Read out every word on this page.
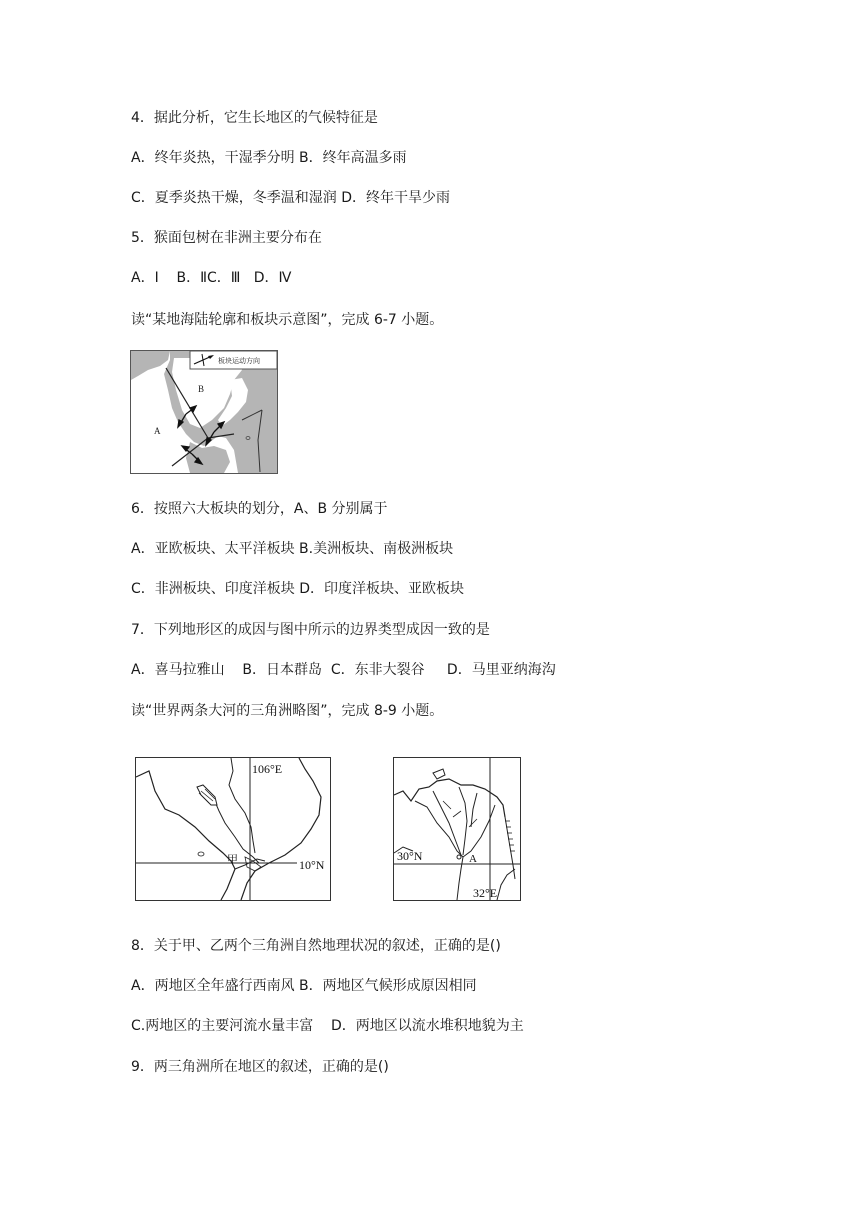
4．据此分析，它生长地区的气候特征是
A．终年炎热，干湿季分明 B．终年高温多雨
C．夏季炎热干燥，冬季温和湿润 D．终年干旱少雨
5．猴面包树在非洲主要分布在
A．Ⅰ    B．ⅡC．Ⅲ   D．Ⅳ
读“某地海陆轮廓和板块示意图”，完成 6-7 小题。
板块运动方向
B
A
6．按照六大板块的划分，A、B 分别属于
A．亚欧板块、太平洋板块 B.美洲板块、南极洲板块
C．非洲板块、印度洋板块 D．印度洋板块、亚欧板块
7．下列地形区的成因与图中所示的边界类型成因一致的是
A．喜马拉雅山    B．日本群岛  C．东非大裂谷     D．马里亚纳海沟
读“世界两条大河的三角洲略图”，完成 8-9 小题。
106°E
10°N
甲	30°N	A
32°E
8．关于甲、乙两个三角洲自然地理状况的叙述，正确的是()
A．两地区全年盛行西南风 B．两地区气候形成原因相同
C.两地区的主要河流水量丰富    D．两地区以流水堆积地貌为主
9．两三角洲所在地区的叙述，正确的是()
